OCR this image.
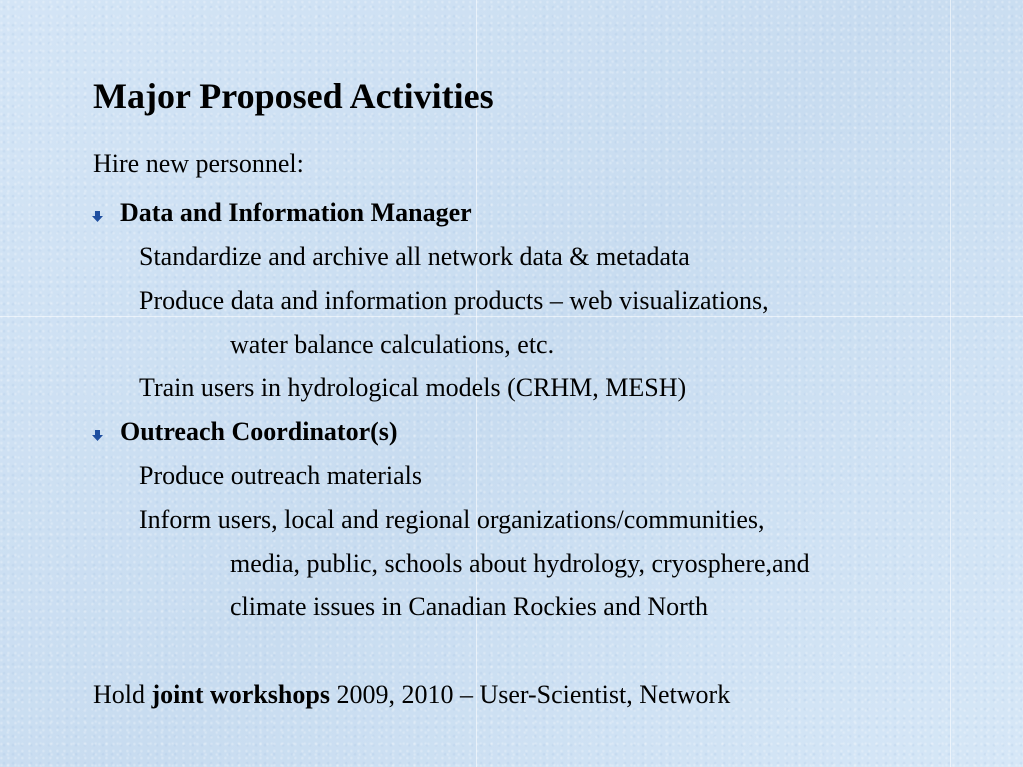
Major Proposed Activities
Hire new personnel:
Data and Information Manager
Standardize and archive all network data & metadata
Produce data and information products – web visualizations,
water balance calculations, etc.
Train users in hydrological models (CRHM, MESH)
Outreach Coordinator(s)
Produce outreach materials
Inform users, local and regional organizations/communities,
media, public, schools about hydrology, cryosphere,and
climate issues in Canadian Rockies and North
Hold joint workshops 2009, 2010 – User-Scientist, Network
